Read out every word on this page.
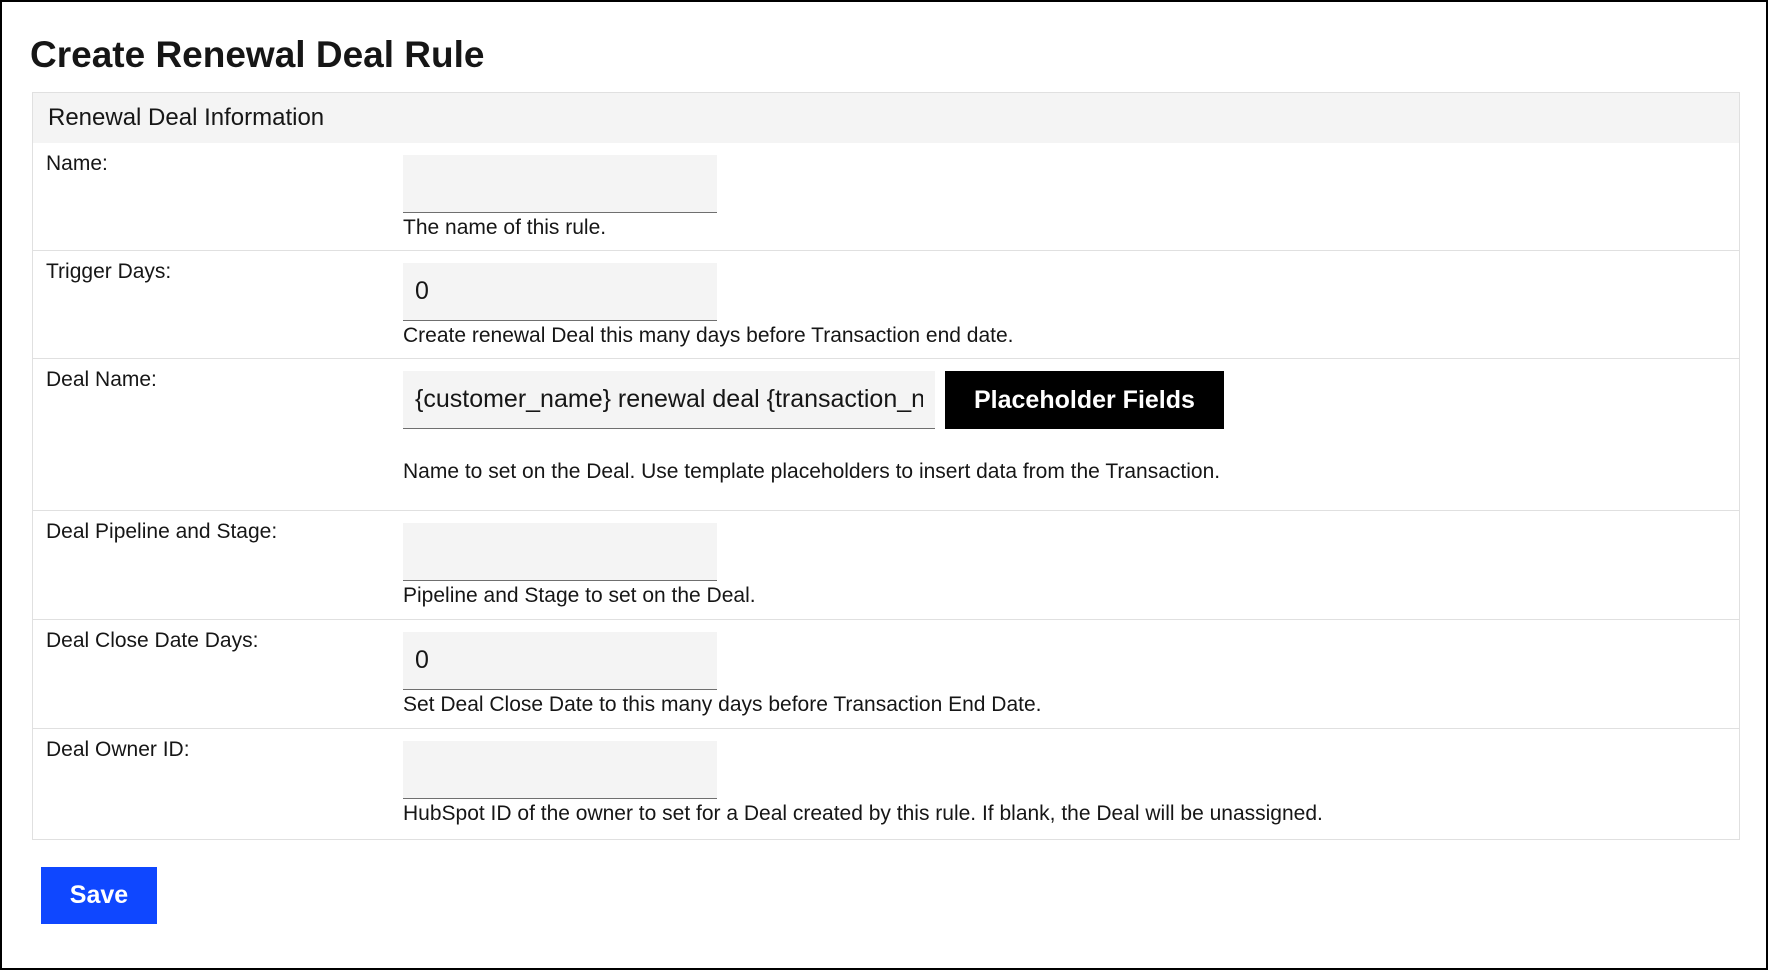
Create Renewal Deal Rule
Renewal Deal Information
Name:
The name of this rule.
Trigger Days:
0
Create renewal Deal this many days before Transaction end date.
Deal Name:
{customer_name} renewal deal {transaction_name}
Placeholder Fields
Name to set on the Deal. Use template placeholders to insert data from the Transaction.
Deal Pipeline and Stage:
Pipeline and Stage to set on the Deal.
Deal Close Date Days:
0
Set Deal Close Date to this many days before Transaction End Date.
Deal Owner ID:
HubSpot ID of the owner to set for a Deal created by this rule. If blank, the Deal will be unassigned.
Save
